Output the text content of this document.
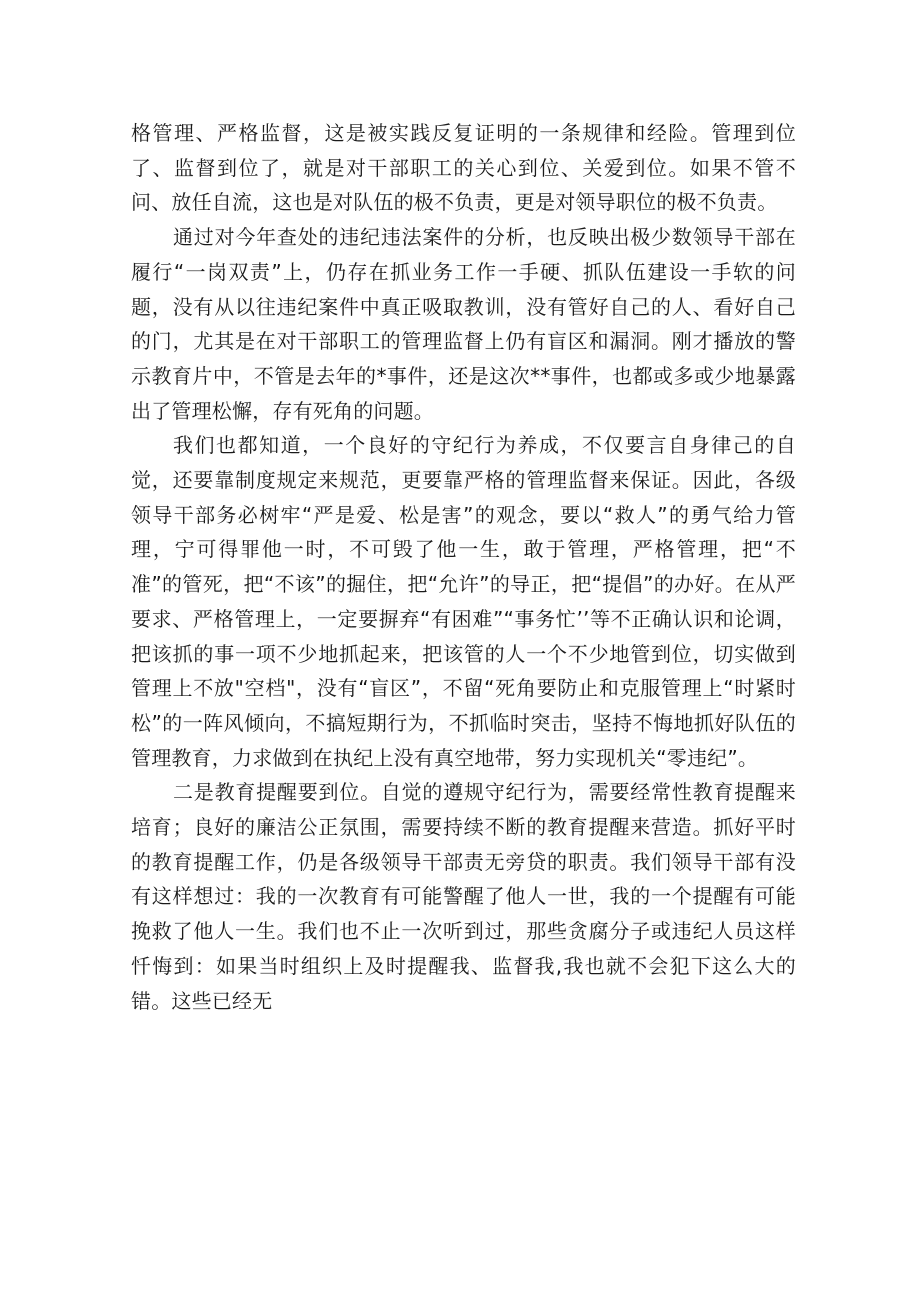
格管理、严格监督，这是被实践反复证明的一条规律和经险。管理到位了、监督到位了，就是对干部职工的关心到位、关爱到位。如果不管不问、放任自流，这也是对队伍的极不负责，更是对领导职位的极不负责。

通过对今年查处的违纪违法案件的分析，也反映出极少数领导干部在履行“一岗双责”上，仍存在抓业务工作一手硬、抓队伍建设一手软的问题，没有从以往违纪案件中真正吸取教训，没有管好自己的人、看好自己的门，尤其是在对干部职工的管理监督上仍有盲区和漏洞。刚才播放的警示教育片中，不管是去年的*事件，还是这次**事件，也都或多或少地暴露出了管理松懈，存有死角的问题。

我们也都知道，一个良好的守纪行为养成，不仅要言自身律己的自觉，还要靠制度规定来规范，更要靠严格的管理监督来保证。因此，各级领导干部务必树牢“严是爱、松是害”的观念，要以“救人”的勇气给力管理，宁可得罪他一时，不可毁了他一生，敢于管理，严格管理，把“不准”的管死，把“不该”的掘住，把“允许”的导正，把“提倡”的办好。在从严要求、严格管理上，一定要摒弃“有困难”“事务忙’’等不正确认识和论调，把该抓的事一项不少地抓起来，把该管的人一个不少地管到位，切实做到管理上不放"空档"，没有“盲区”，不留“死角要防止和克服管理上“时紧时松”的一阵风倾向，不搞短期行为，不抓临时突击，坚持不悔地抓好队伍的管理教育，力求做到在执纪上没有真空地带，努力实现机关“零违纪”。

二是教育提醒要到位。自觉的遵规守纪行为，需要经常性教育提醒来培育；良好的廉洁公正氛围，需要持续不断的教育提醒来营造。抓好平时的教育提醒工作，仍是各级领导干部责无旁贷的职责。我们领导干部有没有这样想过：我的一次教育有可能警醒了他人一世，我的一个提醒有可能挽救了他人一生。我们也不止一次听到过，那些贪腐分子或违纪人员这样忏悔到：如果当时组织上及时提醒我、监督我,我也就不会犯下这么大的错。这些已经无
